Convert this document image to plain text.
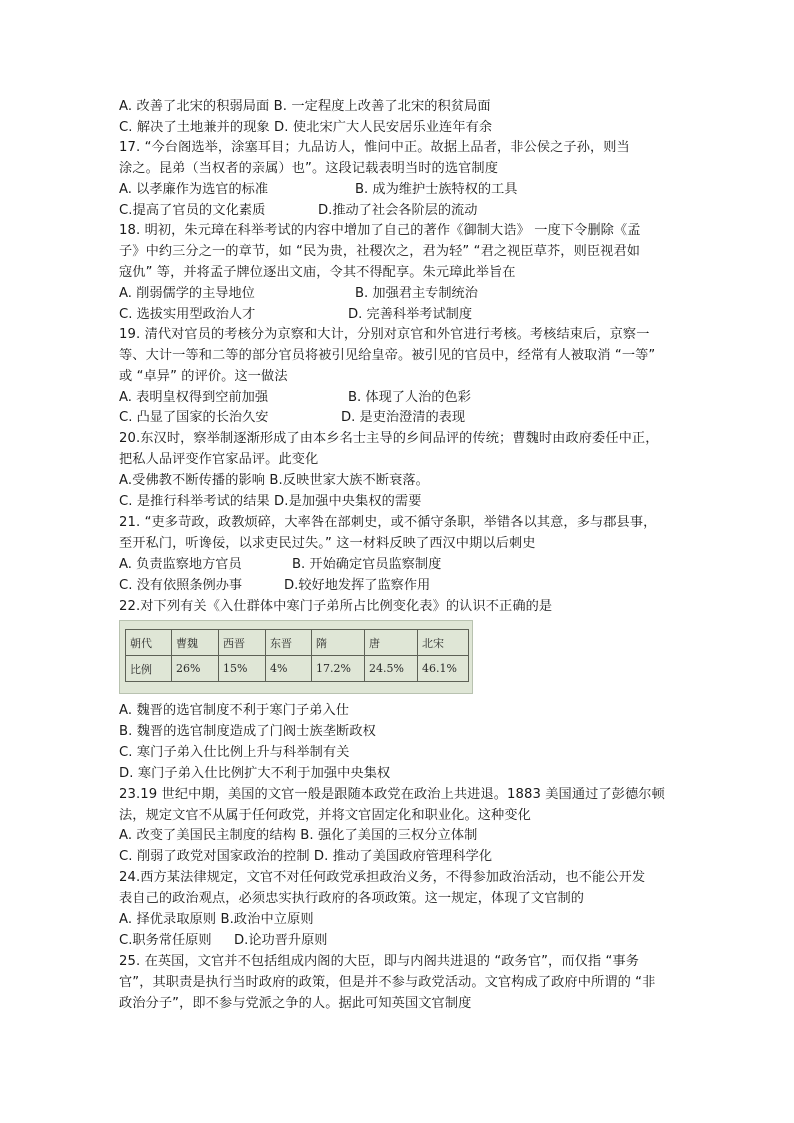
A. 改善了北宋的积弱局面 B. 一定程度上改善了北宋的积贫局面
C. 解决了土地兼并的现象 D. 使北宋广大人民安居乐业连年有余
17. “今台阁选举，涂塞耳目；九品访人，惟问中正。故据上品者，非公侯之子孙，则当
涂之。昆弟（当权者的亲属）也”。这段记载表明当时的选官制度
C.提高了官员的文化素质
18. 明初，朱元璋在科举考试的内容中增加了自己的著作《御制大诰》 一度下令删除《孟
子》中约三分之一的章节，如 “民为贵，社稷次之，君为轻” “君之视臣草芥，则臣视君如
寇仇” 等，并将孟子牌位逐出文庙，令其不得配享。朱元璋此举旨在
19. 清代对官员的考核分为京察和大计，分别对京官和外官进行考核。考核结束后，京察一
等、大计一等和二等的部分官员将被引见给皇帝。被引见的官员中，经常有人被取消 “一等”
或 “卓异” 的评价。这一做法
20.东汉时，察举制逐渐形成了由本乡名士主导的乡间品评的传统；曹魏时由政府委任中正，
把私人品评变作官家品评。此变化
A.受佛教不断传播的影响 B.反映世家大族不断衰落。
C. 是推行科举考试的结果 D.是加强中央集权的需要
21. “吏多苛政，政教烦碎，大率咎在部刺史，或不循守条职，举错各以其意，多与郡县事，
至开私门，听谗佞，以求吏民过失。” 这一材料反映了西汉中期以后刺史
22.对下列有关《入仕群体中寒门子弟所占比例变化表》的认识不正确的是
A. 魏晋的选官制度不利于寒门子弟入仕
B. 魏晋的选官制度造成了门阀士族垄断政权
C. 寒门子弟入仕比例上升与科举制有关
D. 寒门子弟入仕比例扩大不利于加强中央集权
23.19 世纪中期，美国的文官一般是跟随本政党在政治上共进退。1883 美国通过了彭德尔顿
法，规定文官不从属于任何政党，并将文官固定化和职业化。这种变化
A. 改变了美国民主制度的结构 B. 强化了美国的三权分立体制
C. 削弱了政党对国家政治的控制 D. 推动了美国政府管理科学化
24.西方某法律规定，文官不对任何政党承担政治义务，不得参加政治活动，也不能公开发
表自己的政治观点，必须忠实执行政府的各项政策。这一规定，体现了文官制的
A. 择优录取原则 B.政治中立原则
25. 在英国，文官并不包括组成内阁的大臣，即与内阁共进退的 “政务官”，而仅指 “事务
官”，其职责是执行当时政府的政策，但是并不参与政党活动。文官构成了政府中所谓的 “非
政治分子”，即不参与党派之争的人。据此可知英国文官制度
A. 以孝廉作为选官的标准	B. 成为维护士族特权的工具
D.推动了社会各阶层的流动
A. 削弱儒学的主导地位	B. 加强君主专制统治
C. 选拔实用型政治人才	D. 完善科举考试制度
A. 表明皇权得到空前加强	B. 体现了人治的色彩
C. 凸显了国家的长治久安	D. 是吏治澄清的表现
A. 负责监察地方官员	B. 开始确定官员监察制度
C. 没有依照条例办事	D.较好地发挥了监察作用
C.职务常任原则 D.论功晋升原则
朝代	曹魏	西晋	东晋	隋	唐	北宋
比例	26%	15%	4%	17.2%	24.5%	46.1%
